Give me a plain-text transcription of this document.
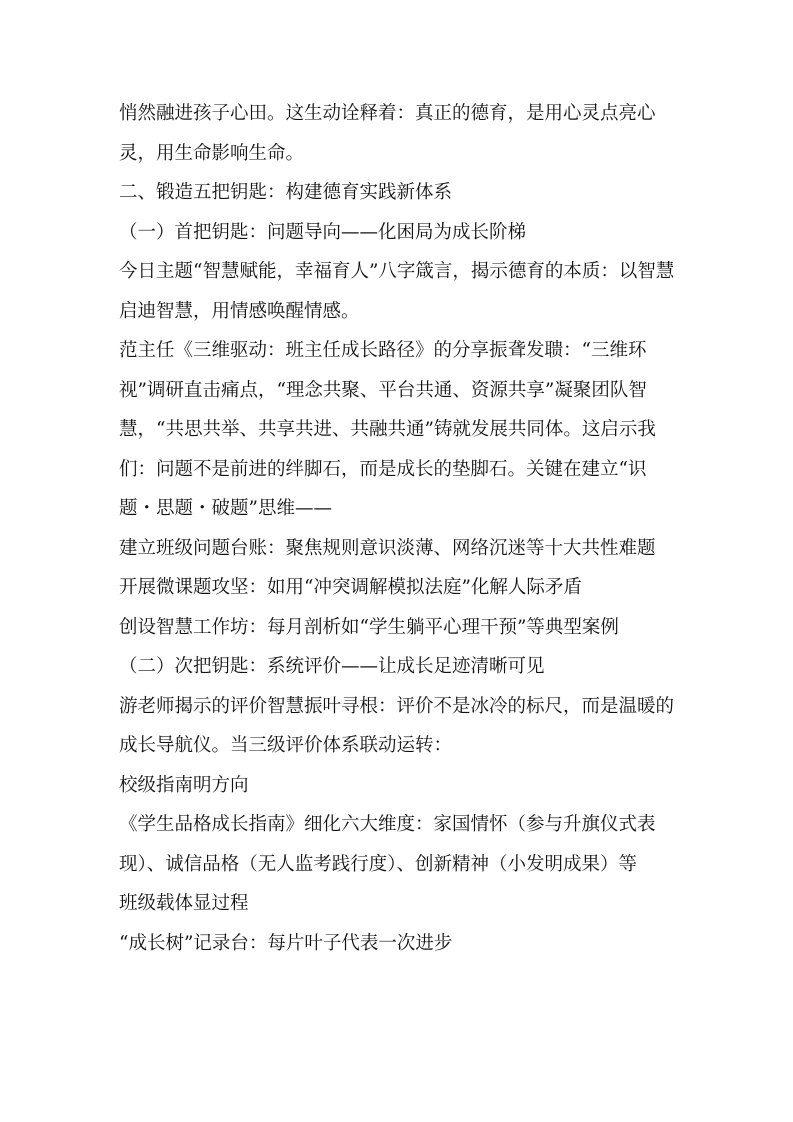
悄然融进孩子心田。这生动诠释着：真正的德育，是用心灵点亮心灵，用生命影响生命。

二、锻造五把钥匙：构建德育实践新体系

（一）首把钥匙：问题导向——化困局为成长阶梯

今日主题“智慧赋能，幸福育人”八字箴言，揭示德育的本质：以智慧启迪智慧，用情感唤醒情感。

范主任《三维驱动：班主任成长路径》的分享振聋发聩：“三维环视”调研直击痛点，“理念共聚、平台共通、资源共享”凝聚团队智慧，“共思共举、共享共进、共融共通”铸就发展共同体。这启示我们：问题不是前进的绊脚石，而是成长的垫脚石。关键在建立“识题・思题・破题”思维——

建立班级问题台账：聚焦规则意识淡薄、网络沉迷等十大共性难题

开展微课题攻坚：如用“冲突调解模拟法庭”化解人际矛盾

创设智慧工作坊：每月剖析如“学生躺平心理干预”等典型案例

（二）次把钥匙：系统评价——让成长足迹清晰可见

游老师揭示的评价智慧振叶寻根：评价不是冰冷的标尺，而是温暖的成长导航仪。当三级评价体系联动运转：

校级指南明方向

《学生品格成长指南》细化六大维度：家国情怀（参与升旗仪式表现）、诚信品格（无人监考践行度）、创新精神（小发明成果）等

班级载体显过程

“成长树”记录台：每片叶子代表一次进步
